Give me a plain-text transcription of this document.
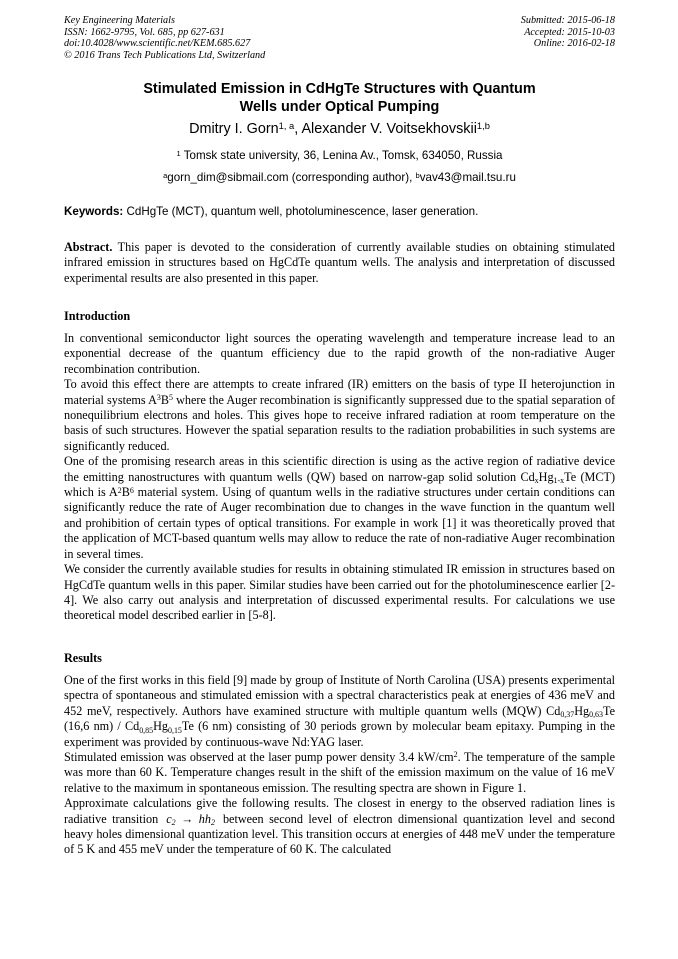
Key Engineering Materials
ISSN: 1662-9795, Vol. 685, pp 627-631
doi:10.4028/www.scientific.net/KEM.685.627
© 2016 Trans Tech Publications Ltd, Switzerland
Submitted: 2015-06-18
Accepted: 2015-10-03
Online: 2016-02-18
Stimulated Emission in CdHgTe Structures with Quantum
Wells under Optical Pumping
Dmitry I. Gorn$^{1, a}$, Alexander V. Voitsekhovskii$^{1,b}$
$^1$ Tomsk state university, 36, Lenina Av., Tomsk, 634050, Russia
$^a$gorn_dim@sibmail.com (corresponding author), $^b$vav43@mail.tsu.ru
Keywords: CdHgTe (MCT), quantum well, photoluminescence, laser generation.

Abstract. This paper is devoted to the consideration of currently available studies on obtaining stimulated infrared emission in structures based on HgCdTe quantum wells. The analysis and interpretation of discussed experimental results are also presented in this paper.

Introduction

In conventional semiconductor light sources the operating wavelength and temperature increase lead to an exponential decrease of the quantum efficiency due to the rapid growth of the non-radiative Auger recombination contribution.

To avoid this effect there are attempts to create infrared (IR) emitters on the basis of type II heterojunction in material systems $A^3B^5$ where the Auger recombination is significantly suppressed due to the spatial separation of nonequilibrium electrons and holes. This gives hope to receive infrared radiation at room temperature on the basis of such structures. However the spatial separation results to the radiation probabilities in such systems are significantly reduced.

One of the promising research areas in this scientific direction is using as the active region of radiative device the emitting nanostructures with quantum wells (QW) based on narrow-gap solid solution $Cd_xHg_{1-x}Te$ (MCT) which is $A^2B^6$ material system. Using of quantum wells in the radiative structures under certain conditions can significantly reduce the rate of Auger recombination due to changes in the wave function in the quantum well and prohibition of certain types of optical transitions. For example in work [1] it was theoretically proved that the application of MCT-based quantum wells may allow to reduce the rate of non-radiative Auger recombination in several times.

We consider the currently available studies for results in obtaining stimulated IR emission in structures based on HgCdTe quantum wells in this paper. Similar studies have been carried out for the photoluminescence earlier [2-4]. We also carry out analysis and interpretation of discussed experimental results. For calculations we use theoretical model described earlier in [5-8].

Results

One of the first works in this field [9] made by group of Institute of North Carolina (USA) presents experimental spectra of spontaneous and stimulated emission with a spectral characteristics peak at energies of 436 meV and 452 meV, respectively. Authors have examined structure with multiple quantum wells (MQW) $Cd_{0,37}Hg_{0,63}Te$ (16,6 $nm) / Cd_{0,85}Hg_{0,15}Te$ (6 nm) consisting of 30 periods grown by molecular beam epitaxy. Pumping in the experiment was provided by continuous-wave Nd:YAG laser.

Stimulated emission was observed at the laser pump power density 3.4 $kW/cm^2$. The temperature of the sample was more than 60 K. Temperature changes result in the shift of the emission maximum on the value of 16 meV relative to the maximum in spontaneous emission. The resulting spectra are shown in Figure 1.

Approximate calculations give the following results. The closest in energy to the observed radiation lines is radiative transition $c_2 \to hh_2$ between second level of electron dimensional quantization level and second heavy holes dimensional quantization level. This transition occurs at energies of 448 meV under the temperature of 5 K and 455 meV under the temperature of 60 K. The calculated
